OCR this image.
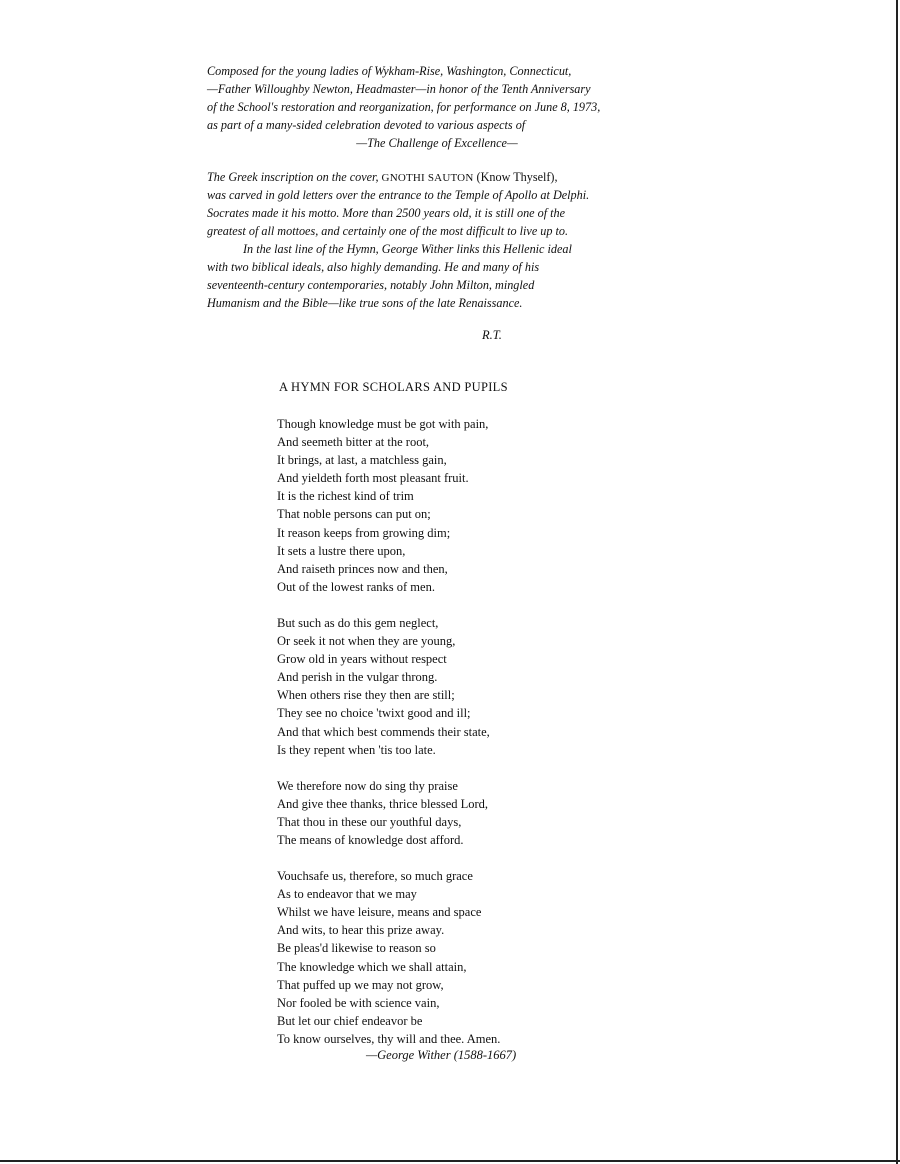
Composed for the young ladies of Wykham-Rise, Washington, Connecticut,
—Father Willoughby Newton, Headmaster—in honor of the Tenth Anniversary
of the School's restoration and reorganization, for performance on June 8, 1973,
as part of a many-sided celebration devoted to various aspects of
—The Challenge of Excellence—
The Greek inscription on the cover, GNOTHI SAUTON (Know Thyself),
was carved in gold letters over the entrance to the Temple of Apollo at Delphi.
Socrates made it his motto. More than 2500 years old, it is still one of the
greatest of all mottoes, and certainly one of the most difficult to live up to.
In the last line of the Hymn, George Wither links this Hellenic ideal
with two biblical ideals, also highly demanding. He and many of his
seventeenth-century contemporaries, notably John Milton, mingled
Humanism and the Bible—like true sons of the late Renaissance.
R.T.
A HYMN FOR SCHOLARS AND PUPILS
Though knowledge must be got with pain,
And seemeth bitter at the root,
It brings, at last, a matchless gain,
And yieldeth forth most pleasant fruit.
It is the richest kind of trim
That noble persons can put on;
It reason keeps from growing dim;
It sets a lustre there upon,
And raiseth princes now and then,
Out of the lowest ranks of men.
But such as do this gem neglect,
Or seek it not when they are young,
Grow old in years without respect
And perish in the vulgar throng.
When others rise they then are still;
They see no choice 'twixt good and ill;
And that which best commends their state,
Is they repent when 'tis too late.
We therefore now do sing thy praise
And give thee thanks, thrice blessed Lord,
That thou in these our youthful days,
The means of knowledge dost afford.
Vouchsafe us, therefore, so much grace
As to endeavor that we may
Whilst we have leisure, means and space
And wits, to hear this prize away.
Be pleas'd likewise to reason so
The knowledge which we shall attain,
That puffed up we may not grow,
Nor fooled be with science vain,
But let our chief endeavor be
To know ourselves, thy will and thee. Amen.
—George Wither (1588-1667)
